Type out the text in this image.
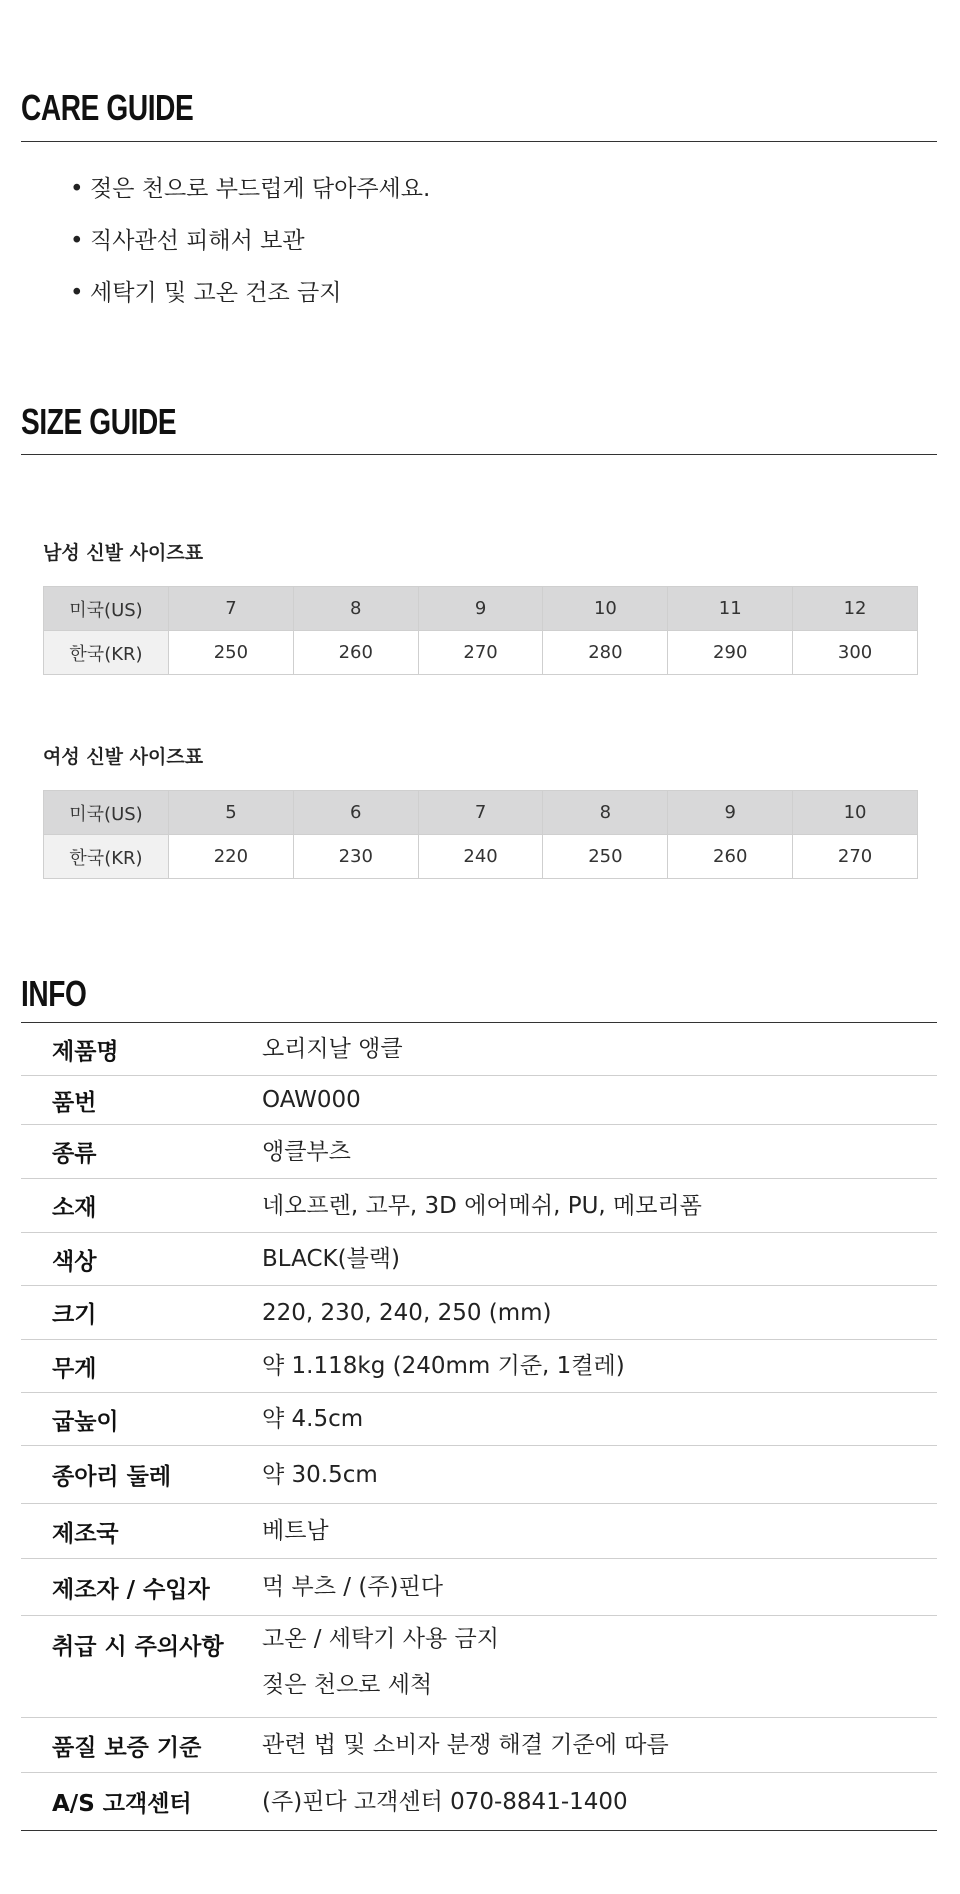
CARE GUIDE
• 젖은 천으로 부드럽게 닦아주세요.
• 직사관선 피해서 보관
• 세탁기 및 고온 건조 금지
SIZE GUIDE
남성 신발 사이즈표
미국(US)	7	8	9	10	11	12
한국(KR)	250	260	270	280	290	300
여성 신발 사이즈표
미국(US)	5	6	7	8	9	10
한국(KR)	220	230	240	250	260	270
INFO
제품명	오리지날 앵클

품번	OAW000

종류	앵클부츠

소재	네오프렌, 고무, 3D 에어메쉬, PU, 메모리폼

색상	BLACK(블랙)

크기	220, 230, 240, 250 (mm)

무게	약 1.118kg (240mm 기준, 1켤레)

굽높이	약 4.5cm

종아리 둘레	약 30.5cm

제조국	베트남

제조자 / 수입자	먹 부츠 / (주)핀다

취급 시 주의사항	고온 / 세탁기 사용 금지
젖은 천으로 세척

품질 보증 기준	관련 법 및 소비자 분쟁 해결 기준에 따름

A/S 고객센터	(주)핀다 고객센터 070-8841-1400
